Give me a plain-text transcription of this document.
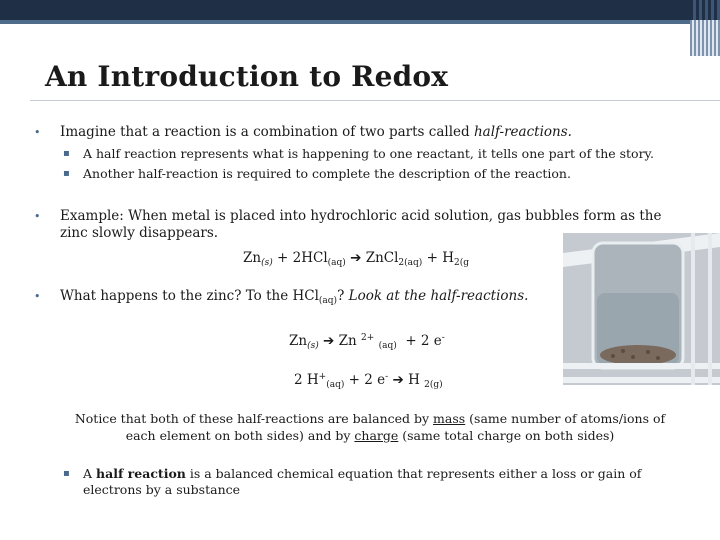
An Introduction to Redox
• Imagine that a reaction is a combination of two parts called half-reactions.
▪ A half reaction represents what is happening to one reactant, it tells one part of the story.
▪ Another half-reaction is required to complete the description of the reaction.
• Example: When metal is placed into hydrochloric acid solution, gas bubbles form as the
zinc slowly disappears.
$Zn_{(s)} + 2HCl_{(aq)}$ ➔ ZnCl$_{2(aq)}$ + $H_{2(g}$
• What happens to the zinc? To the HCl$_{(aq)}$? Look at the half-reactions.
$Zn_{(s)}$ ➔ Zn $^{2+}$ $_{(aq)}$  + 2 e-
2 $H^+_{(aq)} + 2$ e- ➔ H $_{2(g)}$
Notice that both of these half-reactions are balanced by mass (same number of atoms/ions of each element on both sides) and by charge (same total charge on both sides)
▪ A half reaction is a balanced chemical equation that represents either a loss or gain of electrons by a substance
